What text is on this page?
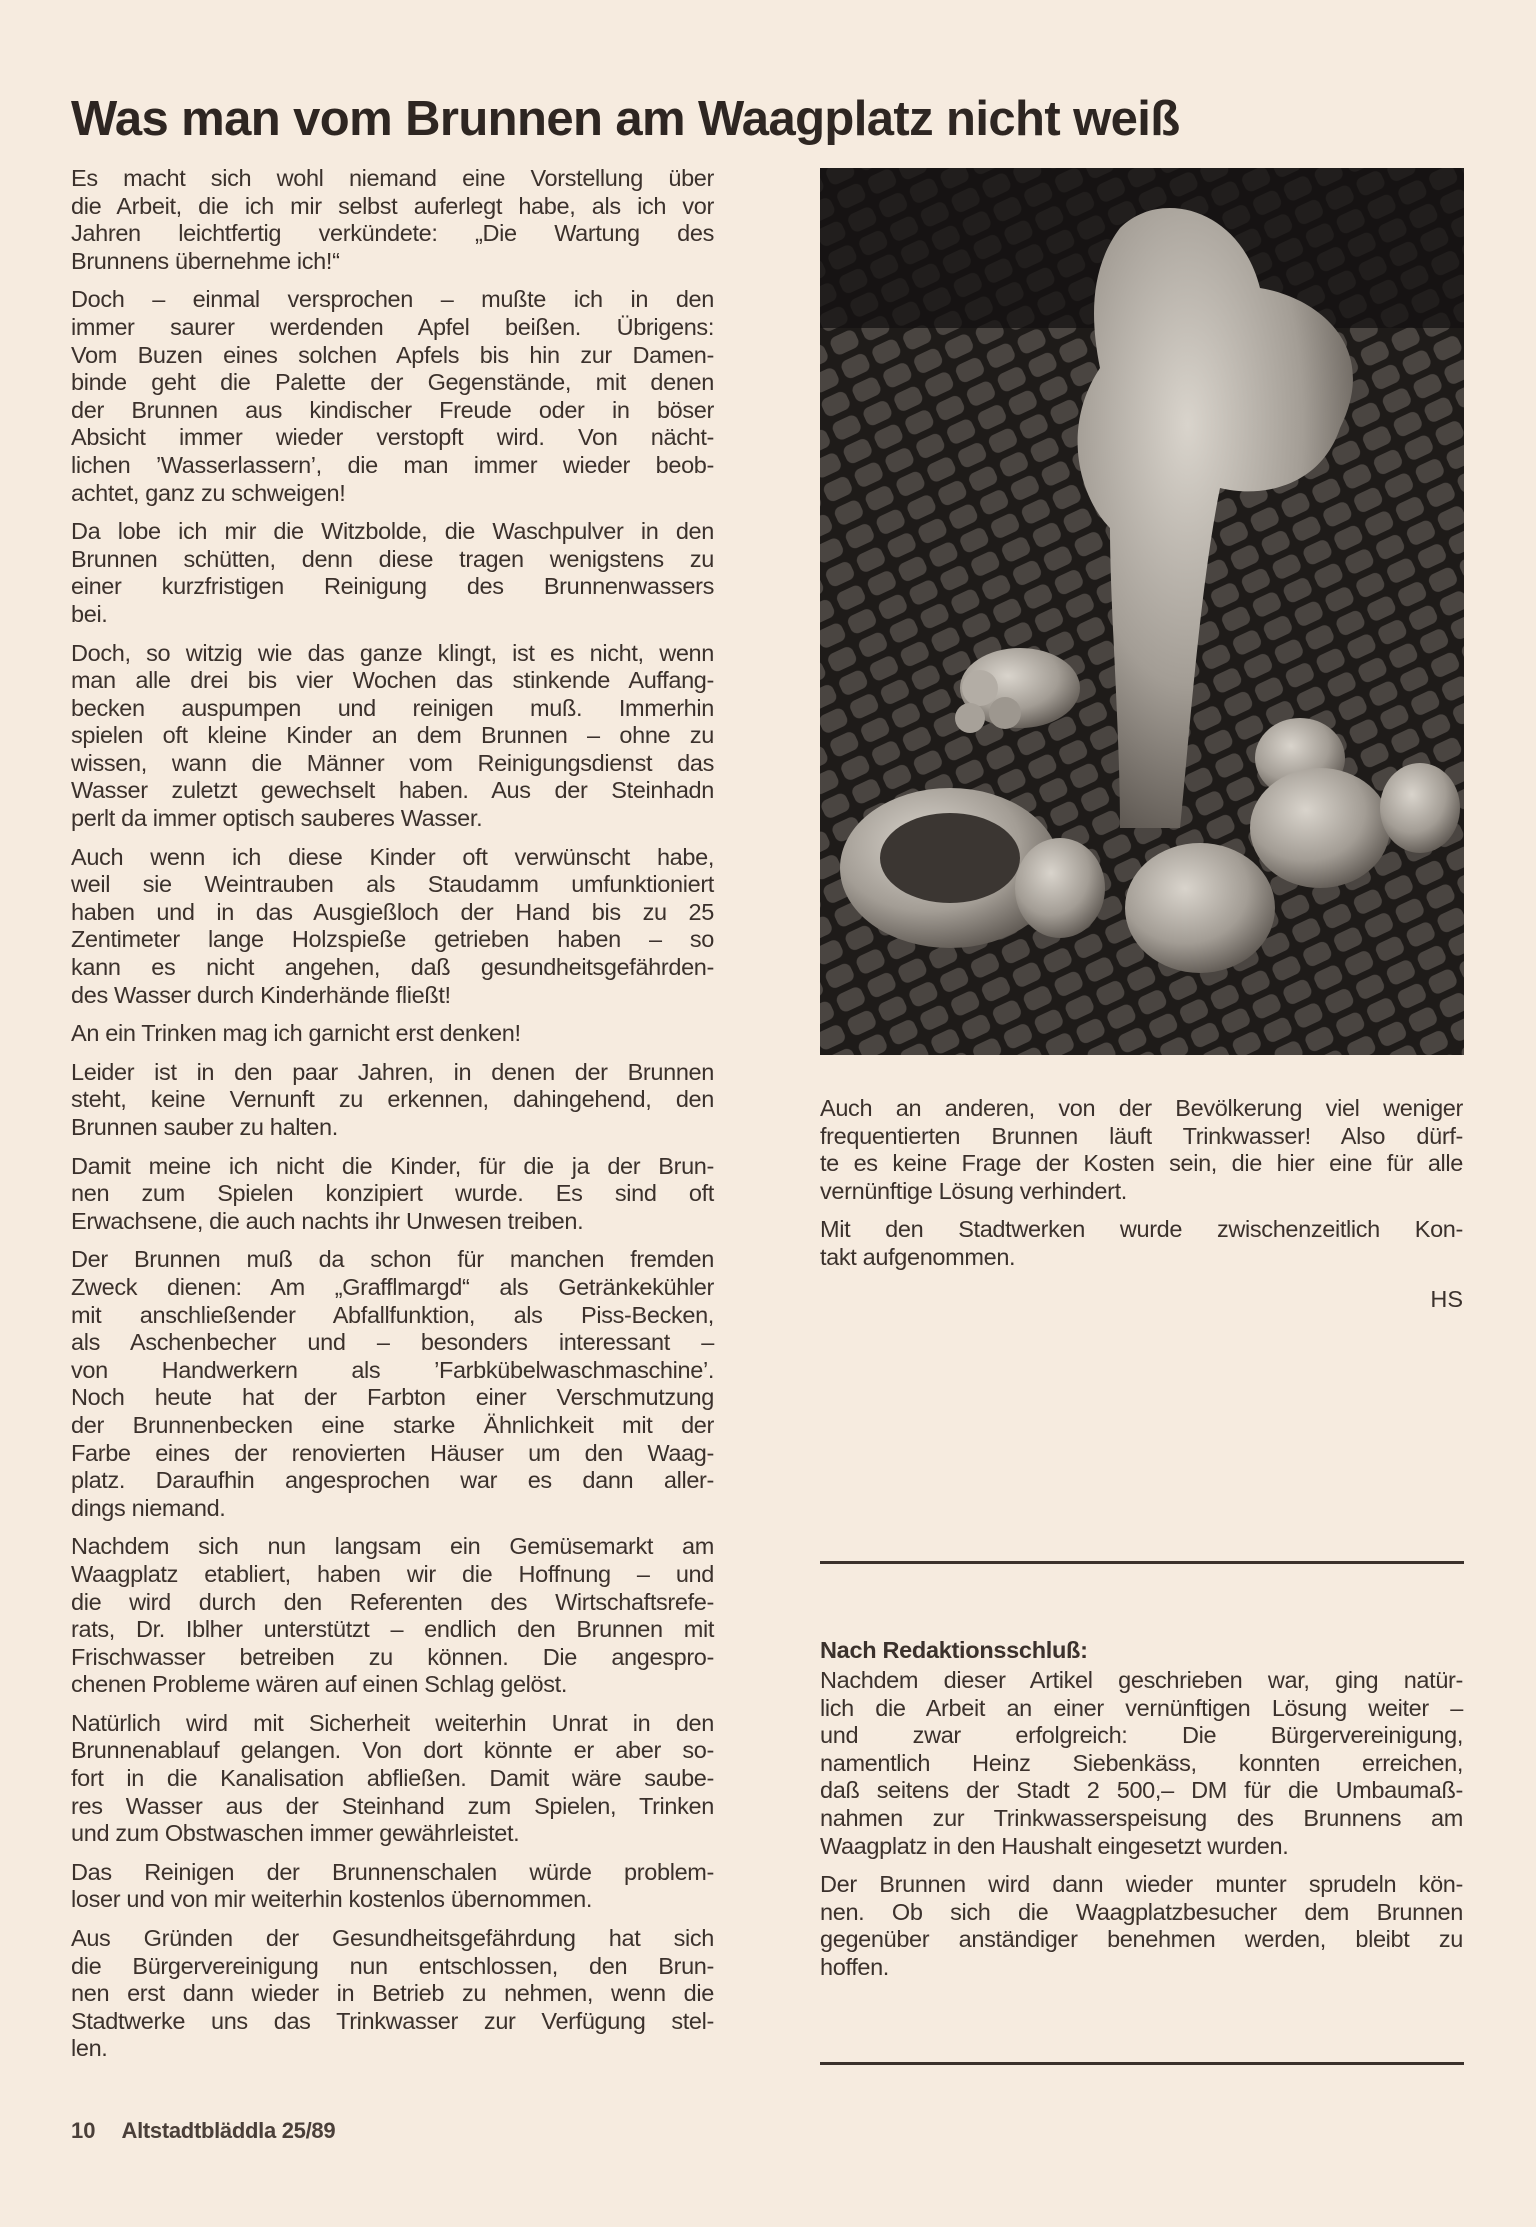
Was man vom Brunnen am Waagplatz nicht weiß
Es macht sich wohl niemand eine Vorstellung über
die Arbeit, die ich mir selbst auferlegt habe, als ich vor
Jahren leichtfertig verkündete: „Die Wartung des
Brunnens übernehme ich!“
Doch – einmal versprochen – mußte ich in den
immer saurer werdenden Apfel beißen. Übrigens:
Vom Buzen eines solchen Apfels bis hin zur Damen-
binde geht die Palette der Gegenstände, mit denen
der Brunnen aus kindischer Freude oder in böser
Absicht immer wieder verstopft wird. Von nächt-
lichen ’Wasserlassern’, die man immer wieder beob-
achtet, ganz zu schweigen!
Da lobe ich mir die Witzbolde, die Waschpulver in den
Brunnen schütten, denn diese tragen wenigstens zu
einer kurzfristigen Reinigung des Brunnenwassers
bei.
Doch, so witzig wie das ganze klingt, ist es nicht, wenn
man alle drei bis vier Wochen das stinkende Auffang-
becken auspumpen und reinigen muß. Immerhin
spielen oft kleine Kinder an dem Brunnen – ohne zu
wissen, wann die Männer vom Reinigungsdienst das
Wasser zuletzt gewechselt haben. Aus der Steinhadn
perlt da immer optisch sauberes Wasser.
Auch wenn ich diese Kinder oft verwünscht habe,
weil sie Weintrauben als Staudamm umfunktioniert
haben und in das Ausgießloch der Hand bis zu 25
Zentimeter lange Holzspieße getrieben haben – so
kann es nicht angehen, daß gesundheitsgefährden-
des Wasser durch Kinderhände fließt!
An ein Trinken mag ich garnicht erst denken!
Leider ist in den paar Jahren, in denen der Brunnen
steht, keine Vernunft zu erkennen, dahingehend, den
Brunnen sauber zu halten.
Damit meine ich nicht die Kinder, für die ja der Brun-
nen zum Spielen konzipiert wurde. Es sind oft
Erwachsene, die auch nachts ihr Unwesen treiben.
Der Brunnen muß da schon für manchen fremden
Zweck dienen: Am „Grafflmargd“ als Getränkekühler
mit anschließender Abfallfunktion, als Piss-Becken,
als Aschenbecher und – besonders interessant –
von Handwerkern als ’Farbkübelwaschmaschine’.
Noch heute hat der Farbton einer Verschmutzung
der Brunnenbecken eine starke Ähnlichkeit mit der
Farbe eines der renovierten Häuser um den Waag-
platz. Daraufhin angesprochen war es dann aller-
dings niemand.
Nachdem sich nun langsam ein Gemüsemarkt am
Waagplatz etabliert, haben wir die Hoffnung – und
die wird durch den Referenten des Wirtschaftsrefe-
rats, Dr. Iblher unterstützt – endlich den Brunnen mit
Frischwasser betreiben zu können. Die angespro-
chenen Probleme wären auf einen Schlag gelöst.
Natürlich wird mit Sicherheit weiterhin Unrat in den
Brunnenablauf gelangen. Von dort könnte er aber so-
fort in die Kanalisation abfließen. Damit wäre saube-
res Wasser aus der Steinhand zum Spielen, Trinken
und zum Obstwaschen immer gewährleistet.
Das Reinigen der Brunnenschalen würde problem-
loser und von mir weiterhin kostenlos übernommen.
Aus Gründen der Gesundheitsgefährdung hat sich
die Bürgervereinigung nun entschlossen, den Brun-
nen erst dann wieder in Betrieb zu nehmen, wenn die
Stadtwerke uns das Trinkwasser zur Verfügung stel-
len.
Auch an anderen, von der Bevölkerung viel weniger
frequentierten Brunnen läuft Trinkwasser! Also dürf-
te es keine Frage der Kosten sein, die hier eine für alle
vernünftige Lösung verhindert.
Mit den Stadtwerken wurde zwischenzeitlich Kon-
takt aufgenommen.
HS
Nach Redaktionsschluß:
Nachdem dieser Artikel geschrieben war, ging natür-
lich die Arbeit an einer vernünftigen Lösung weiter –
und zwar erfolgreich: Die Bürgervereinigung,
namentlich Heinz Siebenkäss, konnten erreichen,
daß seitens der Stadt 2 500,– DM für die Umbaumaß-
nahmen zur Trinkwasserspeisung des Brunnens am
Waagplatz in den Haushalt eingesetzt wurden.
Der Brunnen wird dann wieder munter sprudeln kön-
nen. Ob sich die Waagplatzbesucher dem Brunnen
gegenüber anständiger benehmen werden, bleibt zu
hoffen.
10 Altstadtbläddla 25/89
